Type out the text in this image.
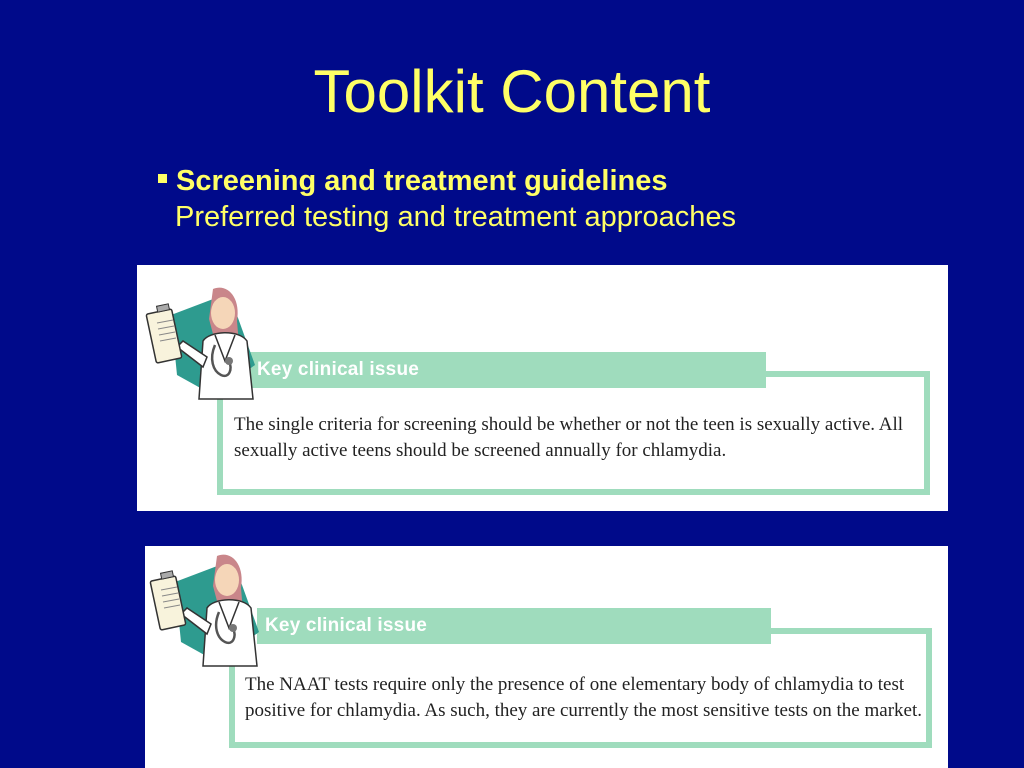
Toolkit Content
Screening and treatment guidelines
Preferred testing and treatment approaches
Key clinical issue
The single criteria for screening should be whether or not the teen is sexually active. All
sexually active teens should be screened annually for chlamydia.
Key clinical issue
The NAAT tests require only the presence of one elementary body of chlamydia to test
positive for chlamydia. As such, they are currently the most sensitive tests on the market.
